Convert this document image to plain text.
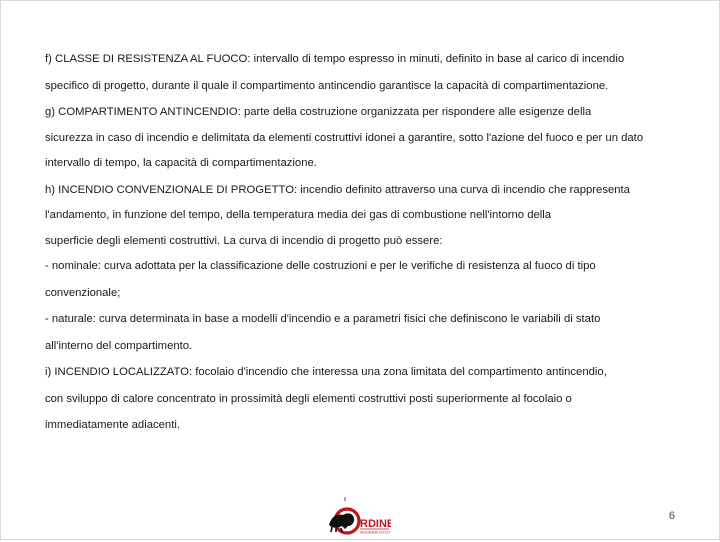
f) CLASSE DI RESISTENZA AL FUOCO: intervallo di tempo espresso in minuti, definito in base al carico di incendio
specifico di progetto, durante il quale il compartimento antincendio garantisce la capacità di compartimentazione.
g) COMPARTIMENTO ANTINCENDIO: parte della costruzione organizzata per rispondere alle esigenze della
sicurezza in caso di incendio e delimitata da elementi costruttivi idonei a garantire, sotto l'azione del fuoco e per un dato
intervallo di tempo, la capacità di compartimentazione.
h) INCENDIO CONVENZIONALE DI PROGETTO: incendio definito attraverso una curva di incendio che rappresenta
l'andamento, in funzione del tempo, della temperatura media dei gas di combustione nell'intorno della
superficie degli elementi costruttivi. La curva di incendio di progetto può essere:
- nominale: curva adottata per la classificazione delle costruzioni e per le verifiche di resistenza al fuoco di tipo
convenzionale;
- naturale: curva determinata in base a modelli d'incendio e a parametri fisici che definiscono le variabili di stato
all'interno del compartimento.
i) INCENDIO LOCALIZZATO: focolaio d'incendio che interessa una zona limitata del compartimento antincendio,
con sviluppo di calore concentrato in prossimità degli elementi costruttivi posti superiormente al focolaio o
immediatamente adiacenti.
RDINE
INGEGNERI LECCO
6
